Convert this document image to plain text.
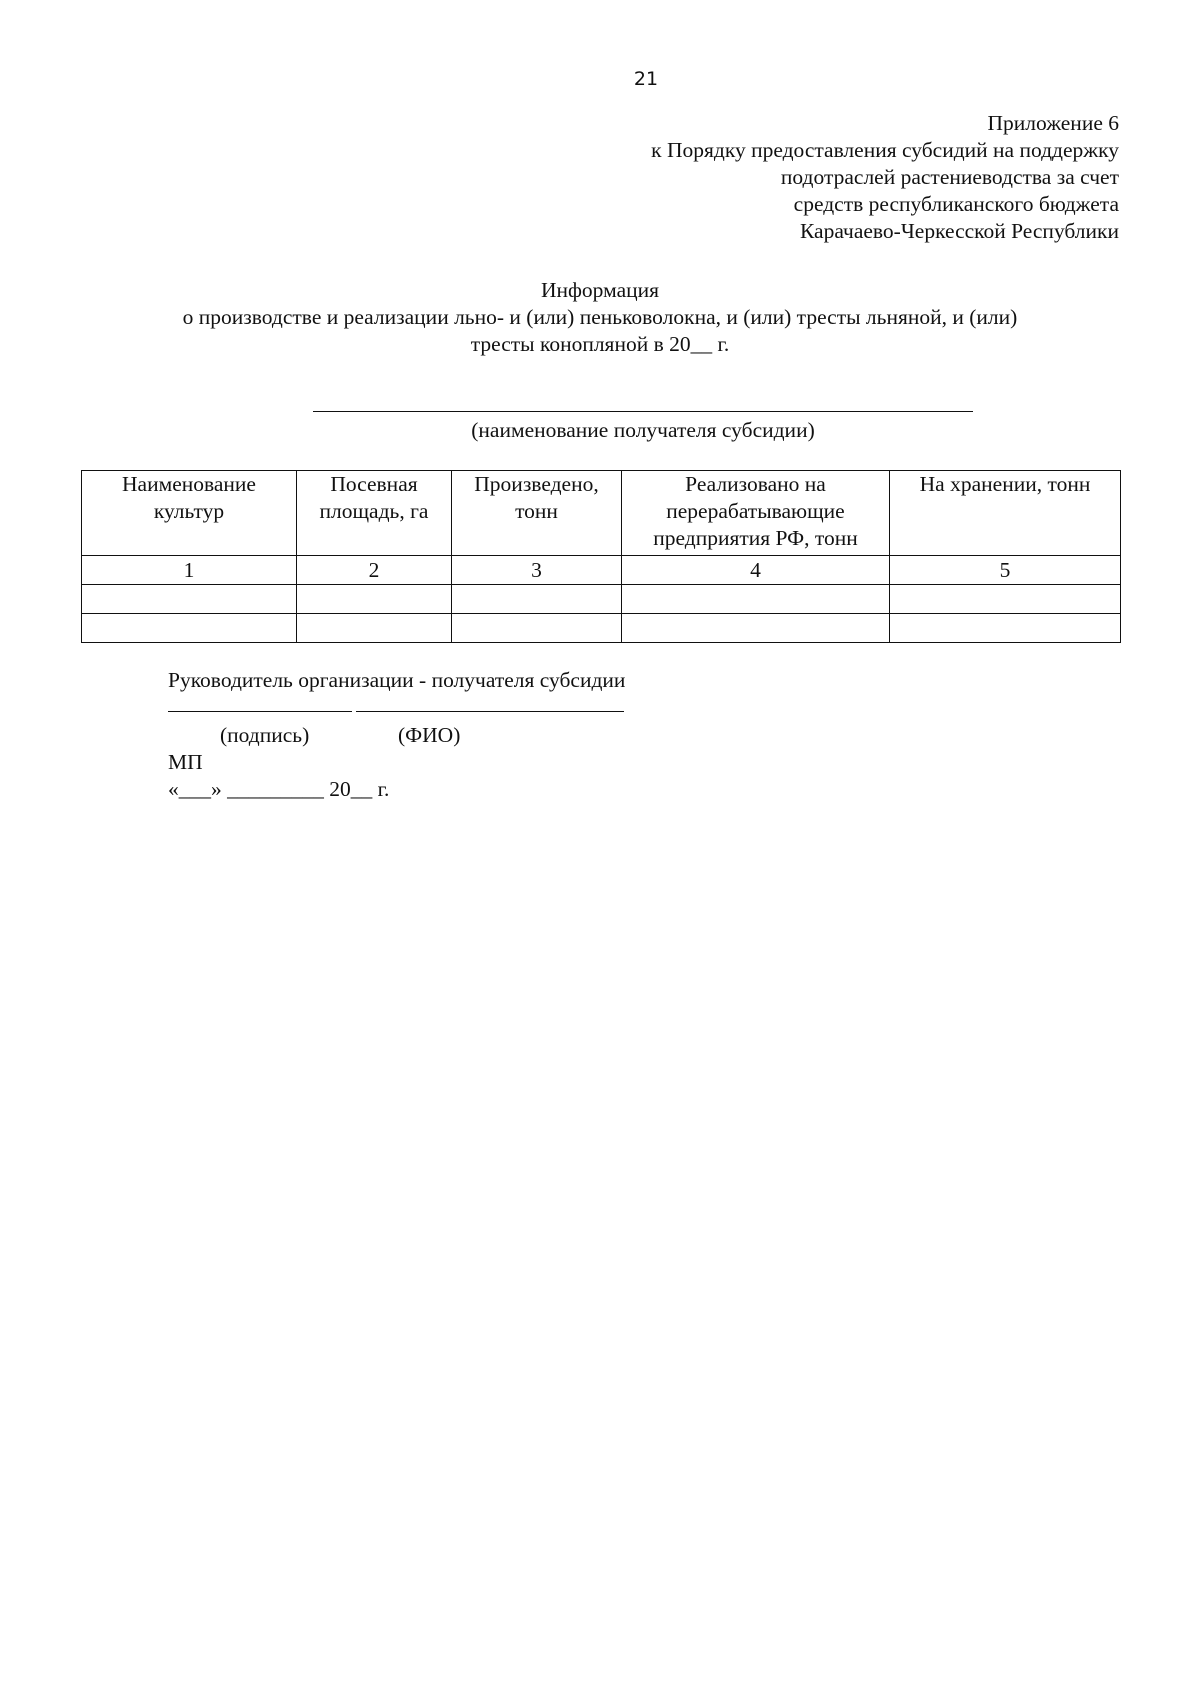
21
Приложение 6
к Порядку предоставления субсидий на поддержку
подотраслей растениеводства за счет
средств республиканского бюджета
Карачаево-Черкесской Республики
Информация
о производстве и реализации льно- и (или) пеньковолокна, и (или) тресты льняной, и (или)
тресты конопляной в 20__ г.
(наименование получателя субсидии)
Наименование культур	Посевная площадь, га	Произведено, тонн	Реализовано на перерабатывающие предприятия РФ, тонн	На хранении, тонн
1	2	3	4	5

Руководитель организации - получателя субсидии
(подпись)	(ФИО)
МП
«___» _________ 20__ г.
